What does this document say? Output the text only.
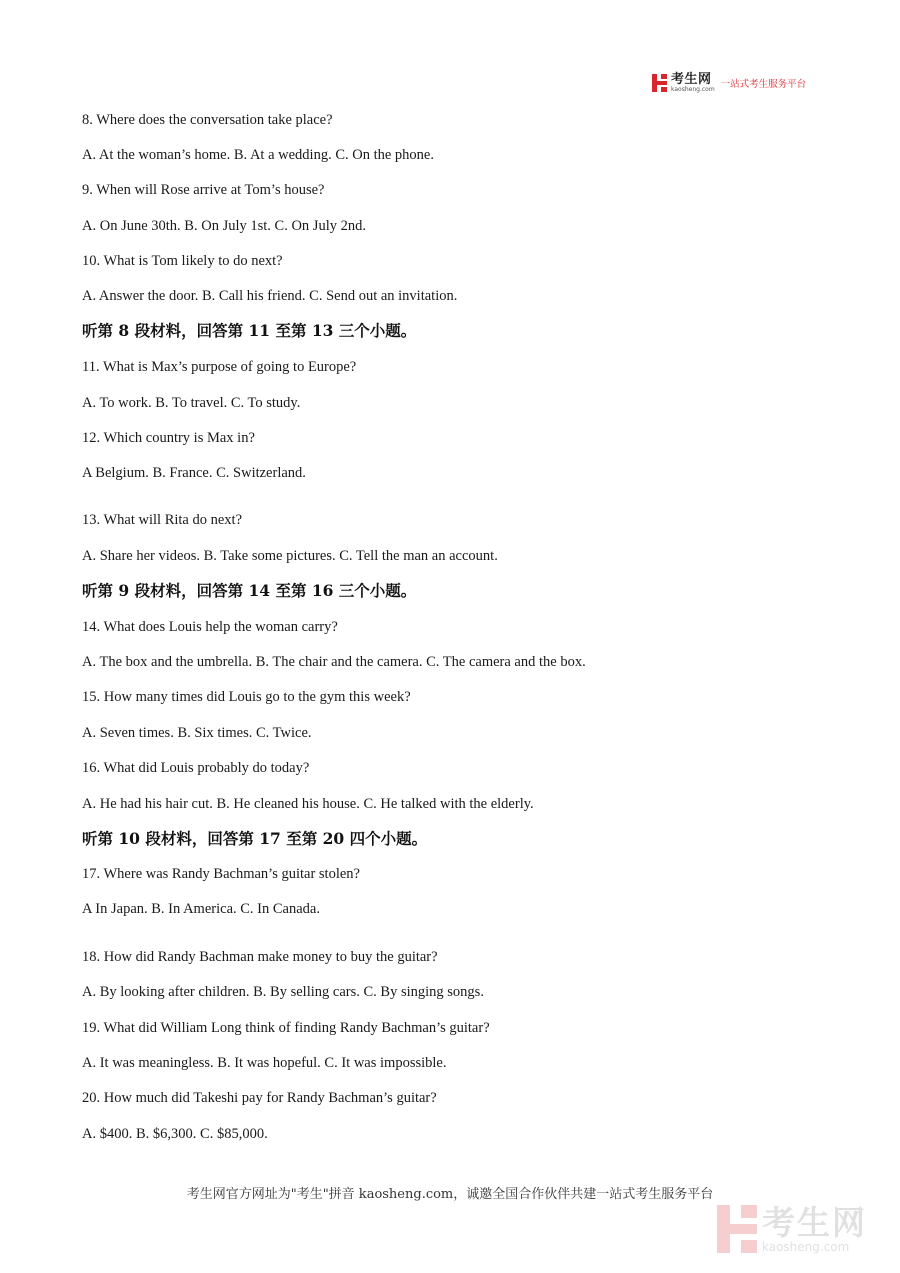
考生网
kaosheng.com 一站式考生服务平台
8. Where does the conversation take place?
A. At the woman’s home. B. At a wedding. C. On the phone.
9. When will Rose arrive at Tom’s house?
A. On June 30th. B. On July 1st. C. On July 2nd.
10. What is Tom likely to do next?
A. Answer the door. B. Call his friend. C. Send out an invitation.
听第 8 段材料，回答第 11 至第 13 三个小题。
11. What is Max’s purpose of going to Europe?
A. To work. B. To travel. C. To study.
12. Which country is Max in?
A Belgium. B. France. C. Switzerland.
13. What will Rita do next?
A. Share her videos. B. Take some pictures. C. Tell the man an account.
听第 9 段材料，回答第 14 至第 16 三个小题。
14. What does Louis help the woman carry?
A. The box and the umbrella. B. The chair and the camera. C. The camera and the box.
15. How many times did Louis go to the gym this week?
A. Seven times. B. Six times. C. Twice.
16. What did Louis probably do today?
A. He had his hair cut. B. He cleaned his house. C. He talked with the elderly.
听第 10 段材料，回答第 17 至第 20 四个小题。
17. Where was Randy Bachman’s guitar stolen?
A In Japan. B. In America. C. In Canada.
18. How did Randy Bachman make money to buy the guitar?
A. By looking after children. B. By selling cars. C. By singing songs.
19. What did William Long think of finding Randy Bachman’s guitar?
A. It was meaningless. B. It was hopeful. C. It was impossible.
20. How much did Takeshi pay for Randy Bachman’s guitar?
A. $400. B. $6,300. C. $85,000.
考生网官方网址为"考生"拼音 kaosheng.com，诚邀全国合作伙伴共建一站式考生服务平台
考生网
kaosheng.com
